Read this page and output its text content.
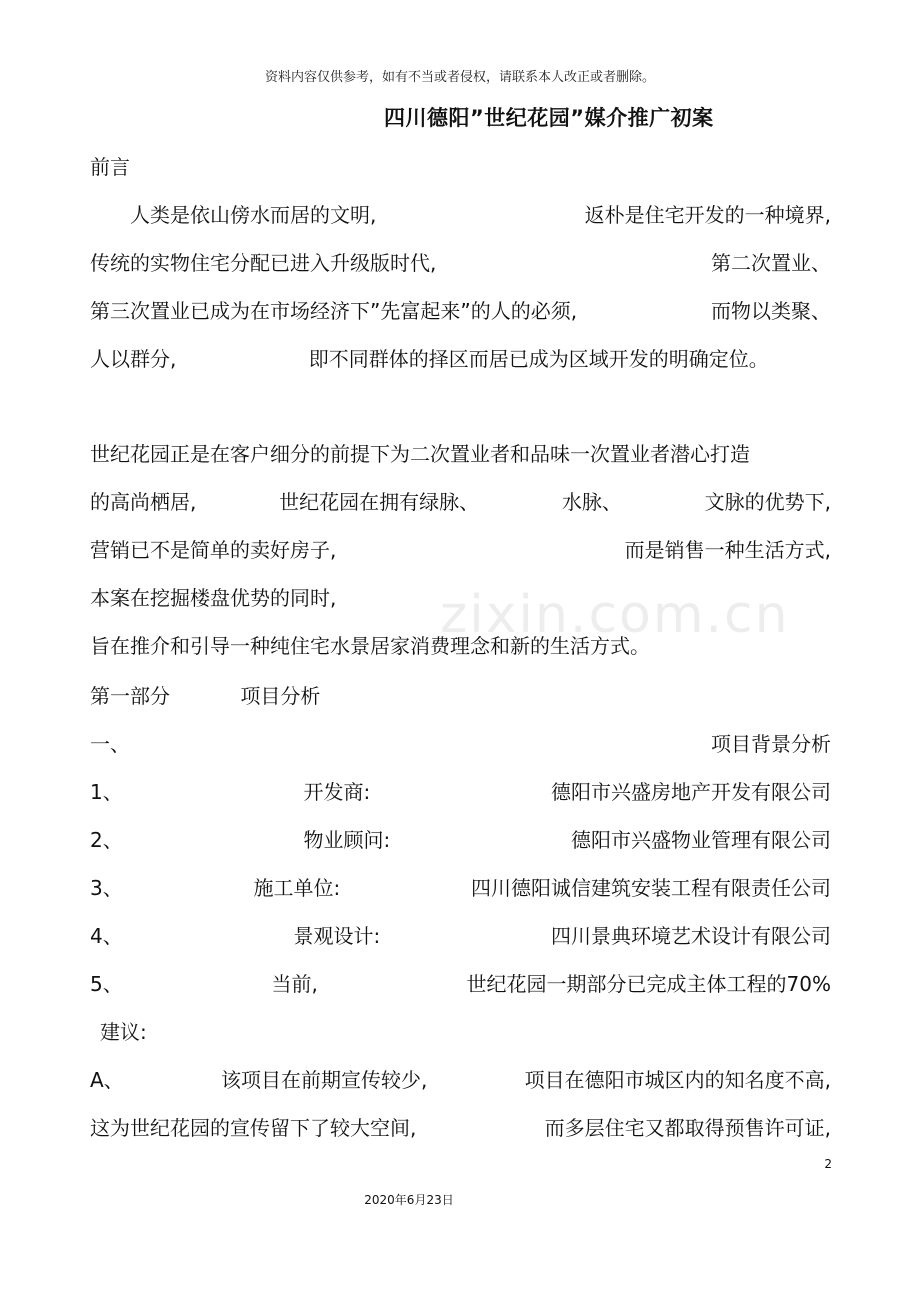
资料内容仅供参考，如有不当或者侵权，请联系本人改正或者删除。
四川德阳”世纪花园”媒介推广初案
zixin.com.cn
前言
人类是依山傍水而居的文明,	返朴是住宅开发的一种境界,
传统的实物住宅分配已进入升级版时代,	第二次置业、
第三次置业已成为在市场经济下”先富起来”的人的必须,	而物以类聚、
人以群分,	即不同群体的择区而居已成为区域开发的明确定位。
世纪花园正是在客户细分的前提下为二次置业者和品味一次置业者潜心打造
的高尚栖居,	世纪花园在拥有绿脉、	水脉、	文脉的优势下,
营销已不是简单的卖好房子,	而是销售一种生活方式,
本案在挖掘楼盘优势的同时,
旨在推介和引导一种纯住宅水景居家消费理念和新的生活方式。
第一部分	项目分析
一、	项目背景分析
1、	开发商:	德阳市兴盛房地产开发有限公司
2、	物业顾问:	德阳市兴盛物业管理有限公司
3、	施工单位:	四川德阳诚信建筑安装工程有限责任公司
4、	景观设计:	四川景典环境艺术设计有限公司
5、	当前,	世纪花园一期部分已完成主体工程的70%
建议:
A、	该项目在前期宣传较少,	项目在德阳市城区内的知名度不高,
这为世纪花园的宣传留下了较大空间,	而多层住宅又都取得预售许可证,
2
2020年6月23日
